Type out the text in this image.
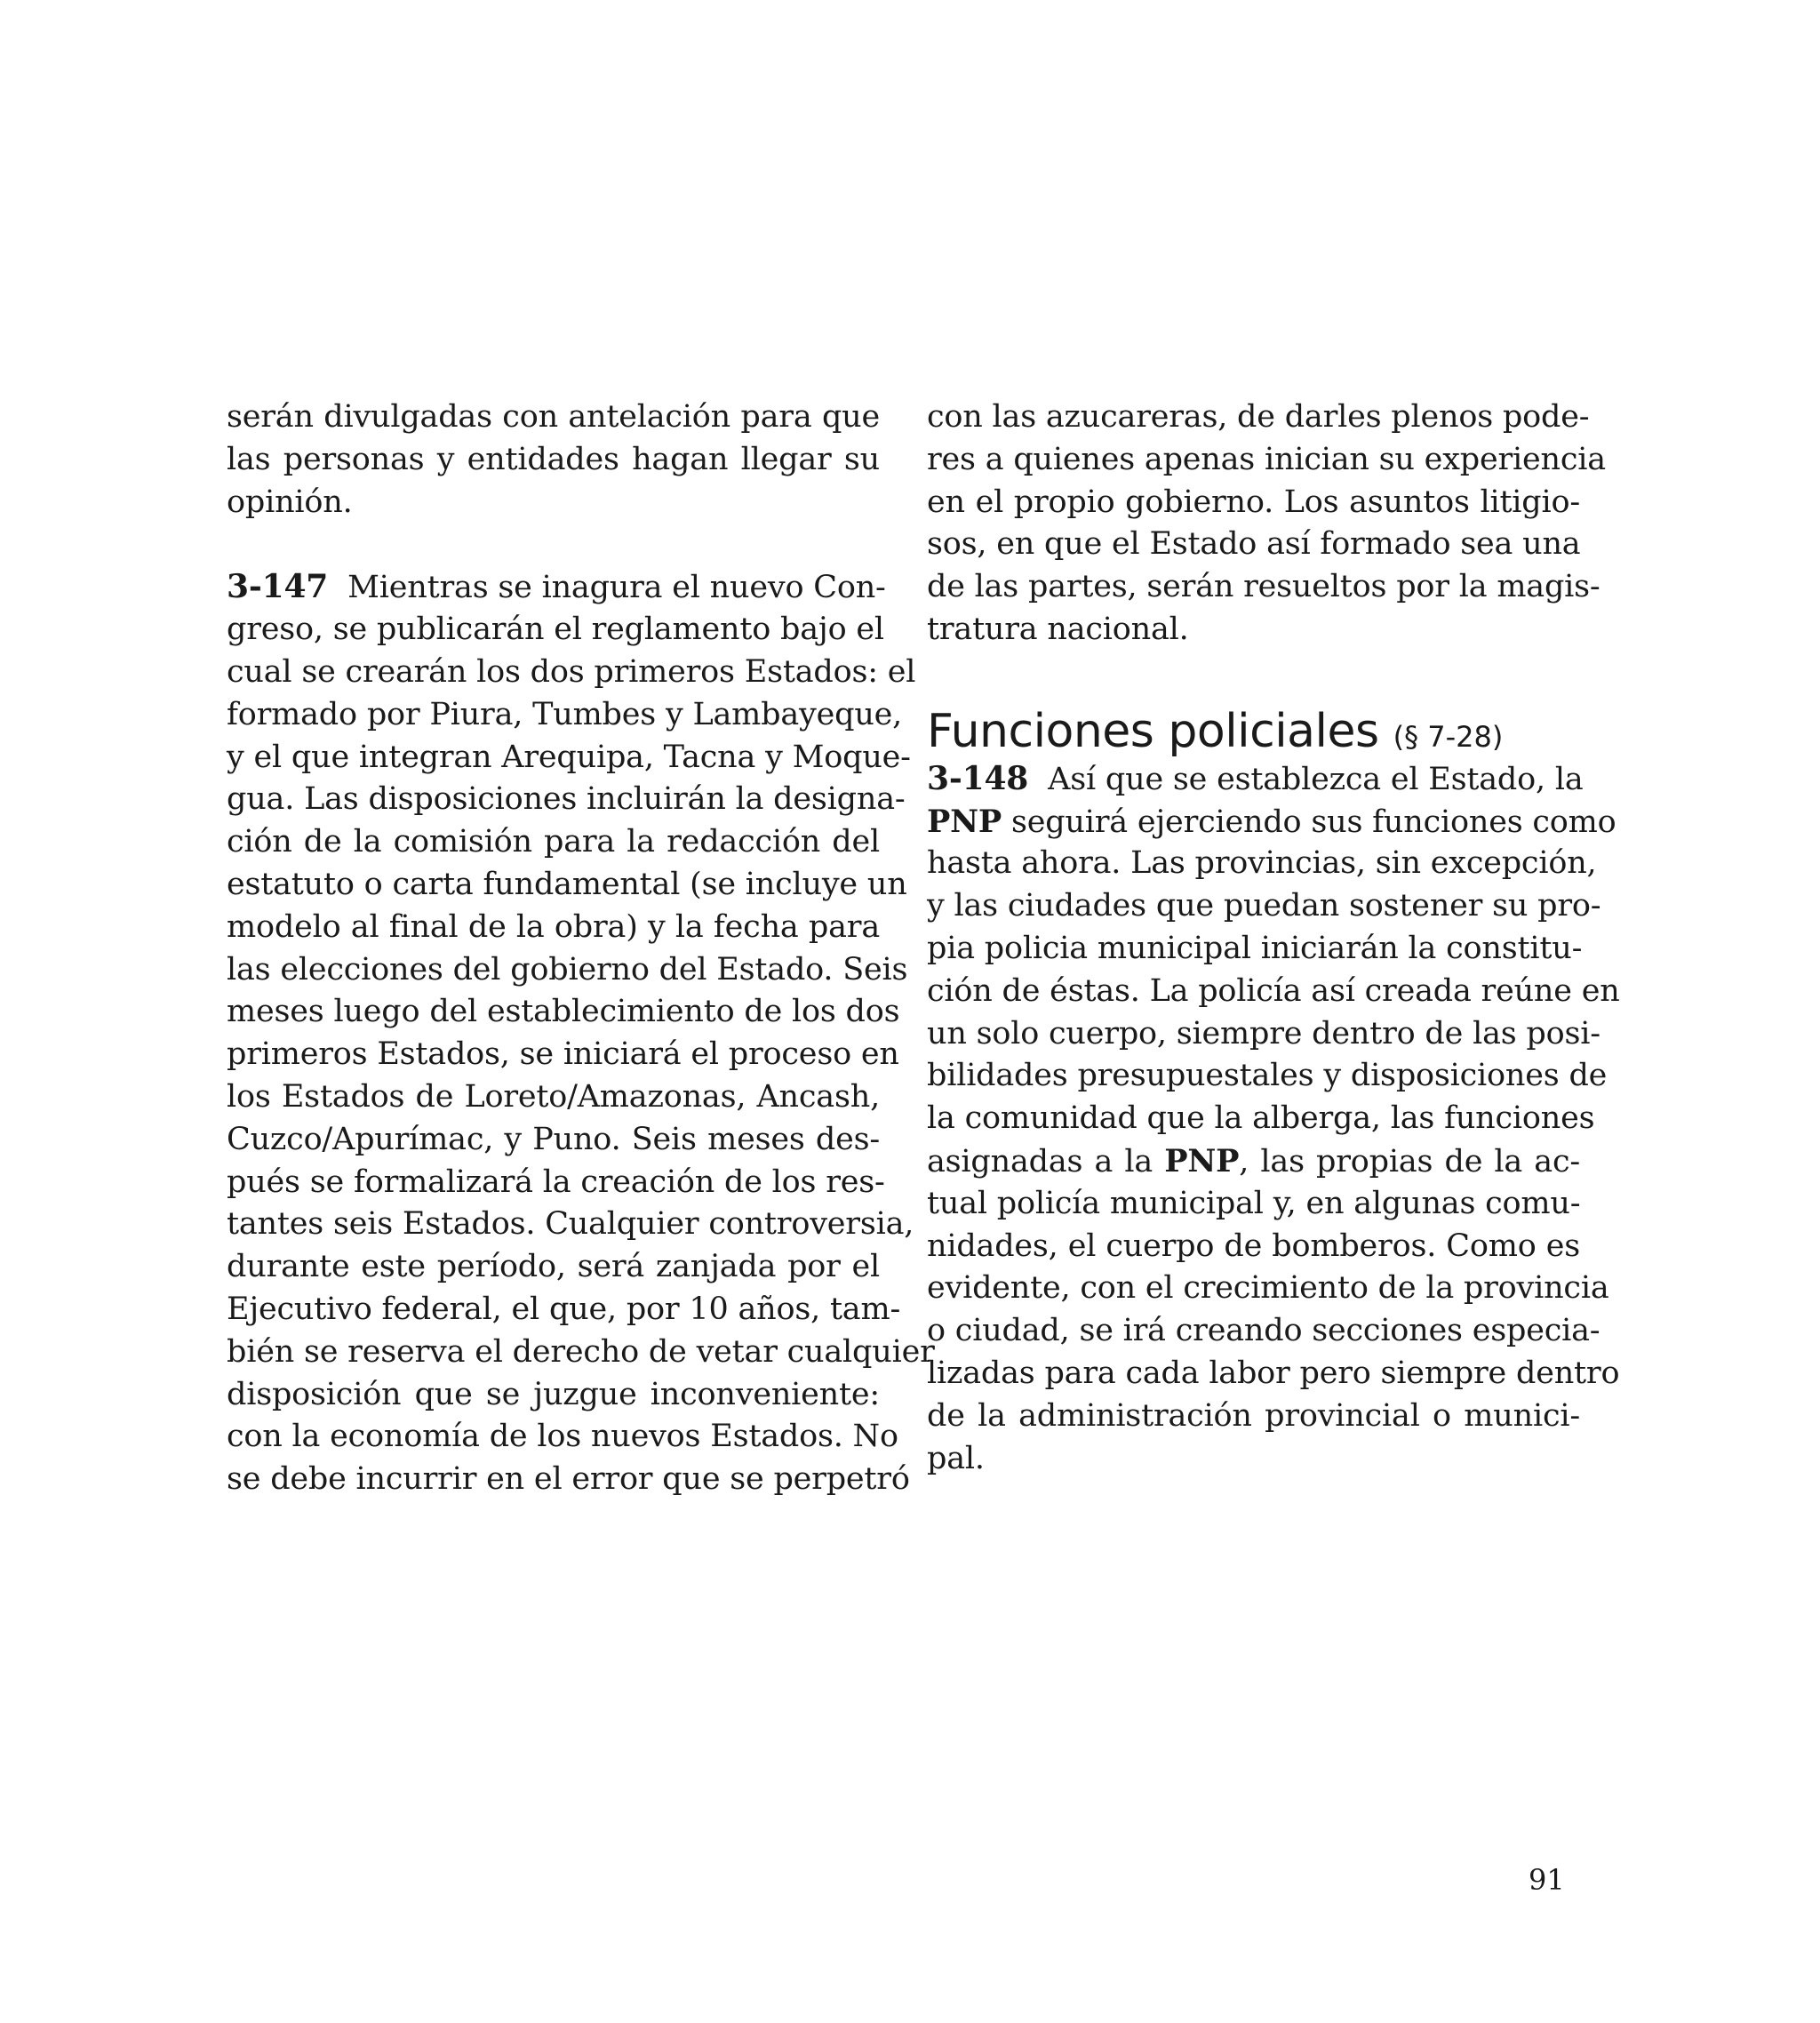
serán divulgadas con antelación para que
las personas y entidades hagan llegar su
opinión.
3-147 Mientras se inagura el nuevo Con-
greso, se publicarán el reglamento bajo el
cual se crearán los dos primeros Estados: el
formado por Piura, Tumbes y Lambayeque,
y el que integran Arequipa, Tacna y Moque-
gua. Las disposiciones incluirán la designa-
ción de la comisión para la redacción del
estatuto o carta fundamental (se incluye un
modelo al final de la obra) y la fecha para
las elecciones del gobierno del Estado. Seis
meses luego del establecimiento de los dos
primeros Estados, se iniciará el proceso en
los Estados de Loreto/Amazonas, Ancash,
Cuzco/Apurímac, y Puno. Seis meses des-
pués se formalizará la creación de los res-
tantes seis Estados. Cualquier controversia,
durante este período, será zanjada por el
Ejecutivo federal, el que, por 10 años, tam-
bién se reserva el derecho de vetar cualquier
disposición que se juzgue inconveniente:
con la economía de los nuevos Estados. No
se debe incurrir en el error que se perpetró
con las azucareras, de darles plenos pode-
res a quienes apenas inician su experiencia
en el propio gobierno. Los asuntos litigio-
sos, en que el Estado así formado sea una
de las partes, serán resueltos por la magis-
tratura nacional.
Funciones policiales (§ 7-28)
3-148 Así que se establezca el Estado, la
PNP seguirá ejerciendo sus funciones como
hasta ahora. Las provincias, sin excepción,
y las ciudades que puedan sostener su pro-
pia policia municipal iniciarán la constitu-
ción de éstas. La policía así creada reúne en
un solo cuerpo, siempre dentro de las posi-
bilidades presupuestales y disposiciones de
la comunidad que la alberga, las funciones
asignadas a la PNP, las propias de la ac-
tual policía municipal y, en algunas comu-
nidades, el cuerpo de bomberos. Como es
evidente, con el crecimiento de la provincia
o ciudad, se irá creando secciones especia-
lizadas para cada labor pero siempre dentro
de la administración provincial o munici-
pal.
91
